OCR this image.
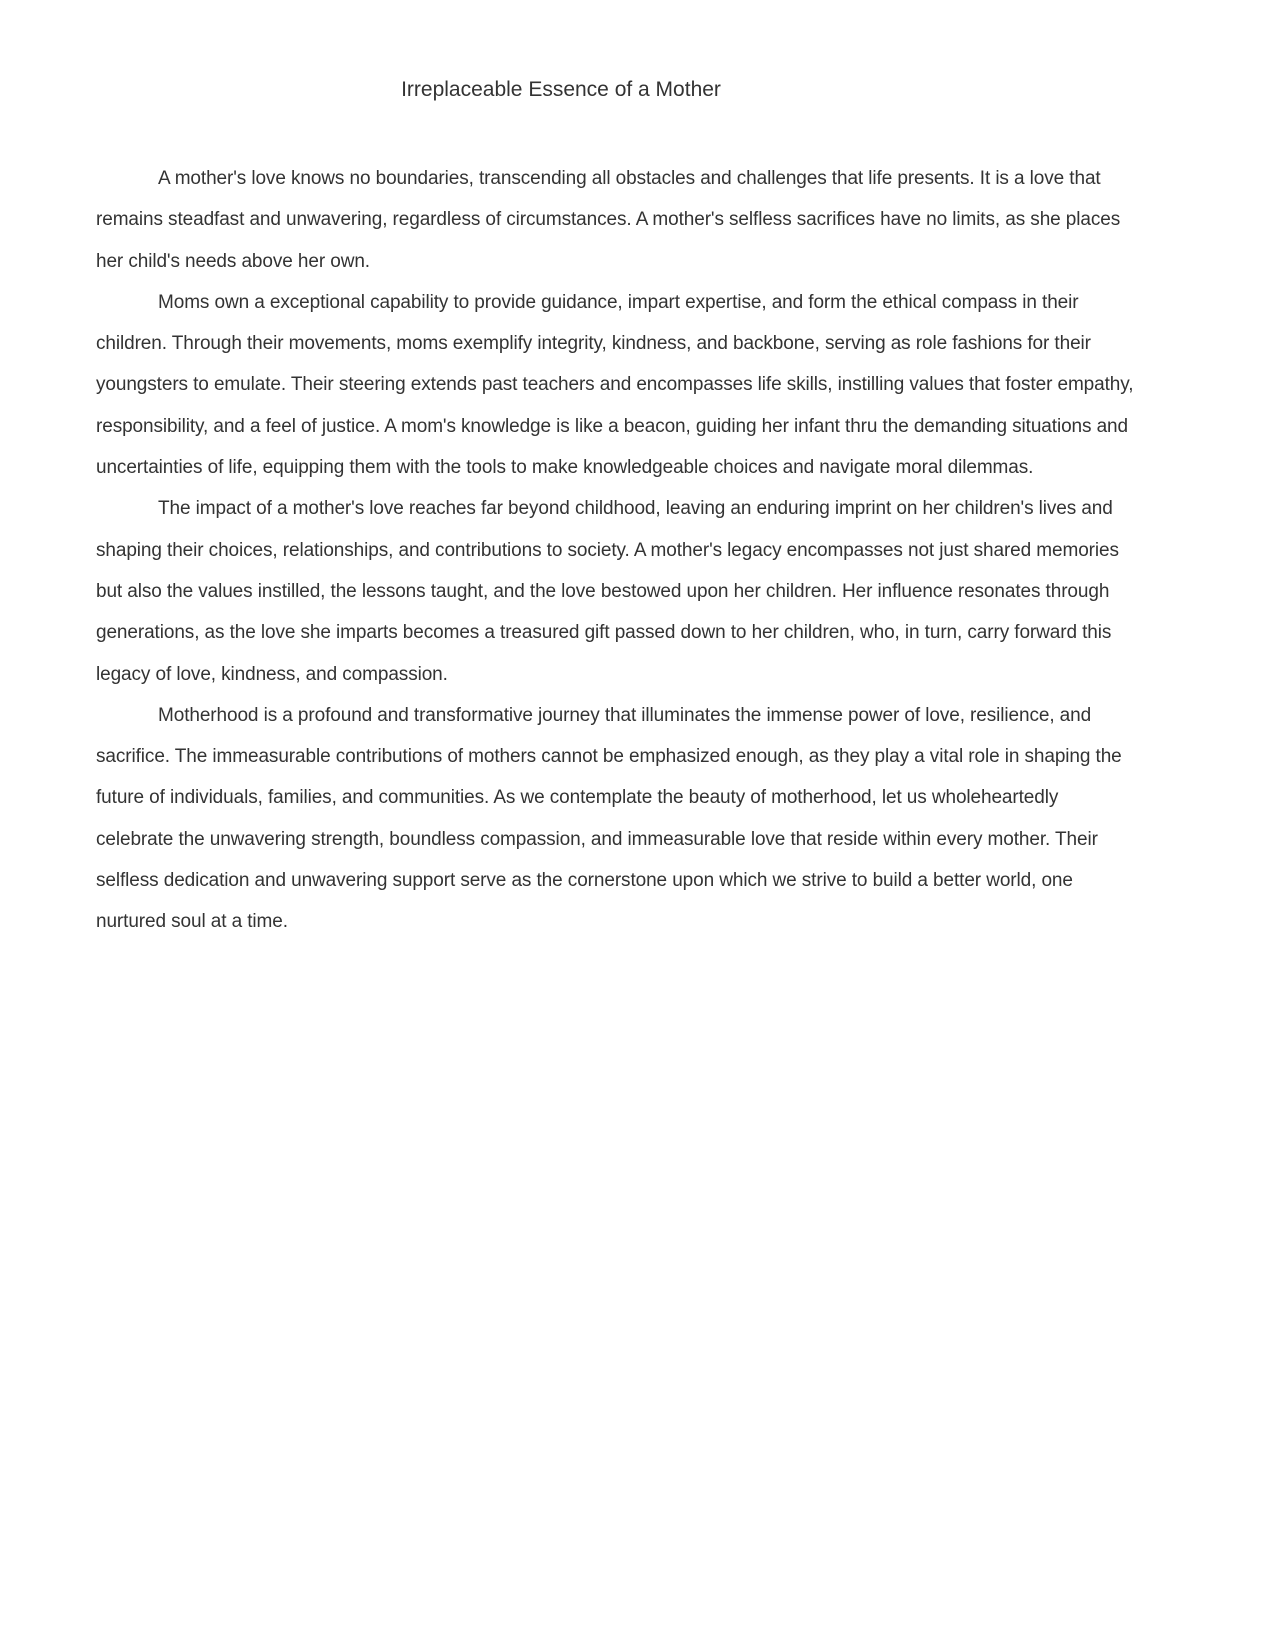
Irreplaceable Essence of a Mother

A mother's love knows no boundaries, transcending all obstacles and challenges that life presents. It is a love that remains steadfast and unwavering, regardless of circumstances. A mother's selfless sacrifices have no limits, as she places her child's needs above her own.

Moms own a exceptional capability to provide guidance, impart expertise, and form the ethical compass in their children. Through their movements, moms exemplify integrity, kindness, and backbone, serving as role fashions for their youngsters to emulate. Their steering extends past teachers and encompasses life skills, instilling values that foster empathy, responsibility, and a feel of justice. A mom's knowledge is like a beacon, guiding her infant thru the demanding situations and uncertainties of life, equipping them with the tools to make knowledgeable choices and navigate moral dilemmas.

The impact of a mother's love reaches far beyond childhood, leaving an enduring imprint on her children's lives and shaping their choices, relationships, and contributions to society. A mother's legacy encompasses not just shared memories but also the values instilled, the lessons taught, and the love bestowed upon her children. Her influence resonates through generations, as the love she imparts becomes a treasured gift passed down to her children, who, in turn, carry forward this legacy of love, kindness, and compassion.

Motherhood is a profound and transformative journey that illuminates the immense power of love, resilience, and sacrifice. The immeasurable contributions of mothers cannot be emphasized enough, as they play a vital role in shaping the future of individuals, families, and communities. As we contemplate the beauty of motherhood, let us wholeheartedly celebrate the unwavering strength, boundless compassion, and immeasurable love that reside within every mother. Their selfless dedication and unwavering support serve as the cornerstone upon which we strive to build a better world, one nurtured soul at a time.
